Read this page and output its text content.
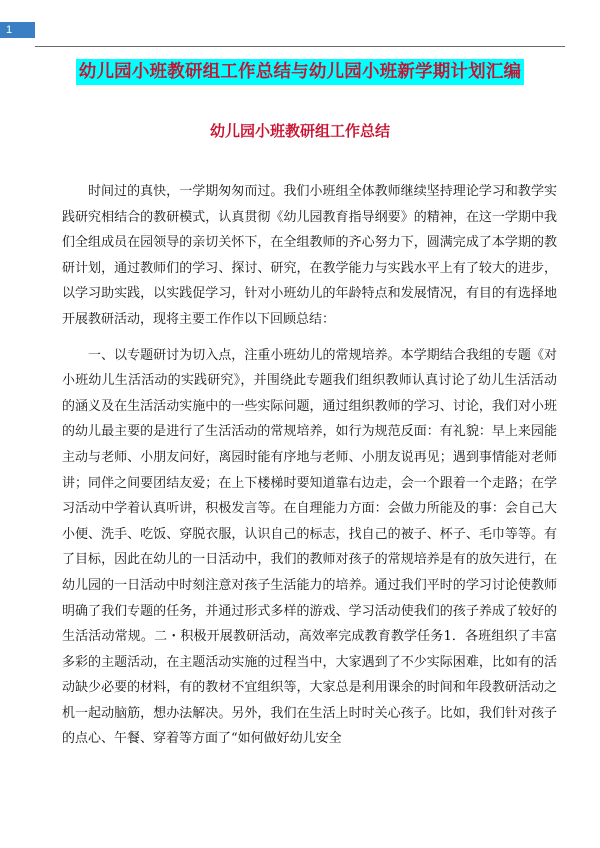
1
幼儿园小班教研组工作总结与幼儿园小班新学期计划汇编
幼儿园小班教研组工作总结

时间过的真快，一学期匆匆而过。我们小班组全体教师继续坚持理论学习和教学实践研究相结合的教研模式，认真贯彻《幼儿园教育指导纲要》的精神，在这一学期中我们全组成员在园领导的亲切关怀下，在全组教师的齐心努力下，圆满完成了本学期的教研计划，通过教师们的学习、探讨、研究，在教学能力与实践水平上有了较大的进步，以学习助实践，以实践促学习，针对小班幼儿的年龄特点和发展情况，有目的有选择地开展教研活动，现将主要工作作以下回顾总结：

一、以专题研讨为切入点，注重小班幼儿的常规培养。本学期结合我组的专题《对小班幼儿生活活动的实践研究》，并围绕此专题我们组织教师认真讨论了幼儿生活活动的涵义及在生活活动实施中的一些实际问题，通过组织教师的学习、讨论，我们对小班的幼儿最主要的是进行了生活活动的常规培养，如行为规范反面：有礼貌：早上来园能主动与老师、小朋友问好，离园时能有序地与老师、小朋友说再见；遇到事情能对老师讲；同伴之间要团结友爱；在上下楼梯时要知道靠右边走，会一个跟着一个走路；在学习活动中学着认真听讲，积极发言等。在自理能力方面：会做力所能及的事：会自己大小便、洗手、吃饭、穿脱衣服，认识自己的标志，找自己的被子、杯子、毛巾等等。有了目标，因此在幼儿的一日活动中，我们的教师对孩子的常规培养是有的放矢进行，在幼儿园的一日活动中时刻注意对孩子生活能力的培养。通过我们平时的学习讨论使教师明确了我们专题的任务，并通过形式多样的游戏、学习活动使我们的孩子养成了较好的生活活动常规。二・积极开展教研活动，高效率完成教育教学任务1．各班组织了丰富多彩的主题活动，在主题活动实施的过程当中，大家遇到了不少实际困难，比如有的活动缺少必要的材料，有的教材不宜组织等，大家总是利用课余的时间和年段教研活动之机一起动脑筋，想办法解决。另外，我们在生活上时时关心孩子。比如，我们针对孩子的点心、午餐、穿着等方面了“如何做好幼儿安全
